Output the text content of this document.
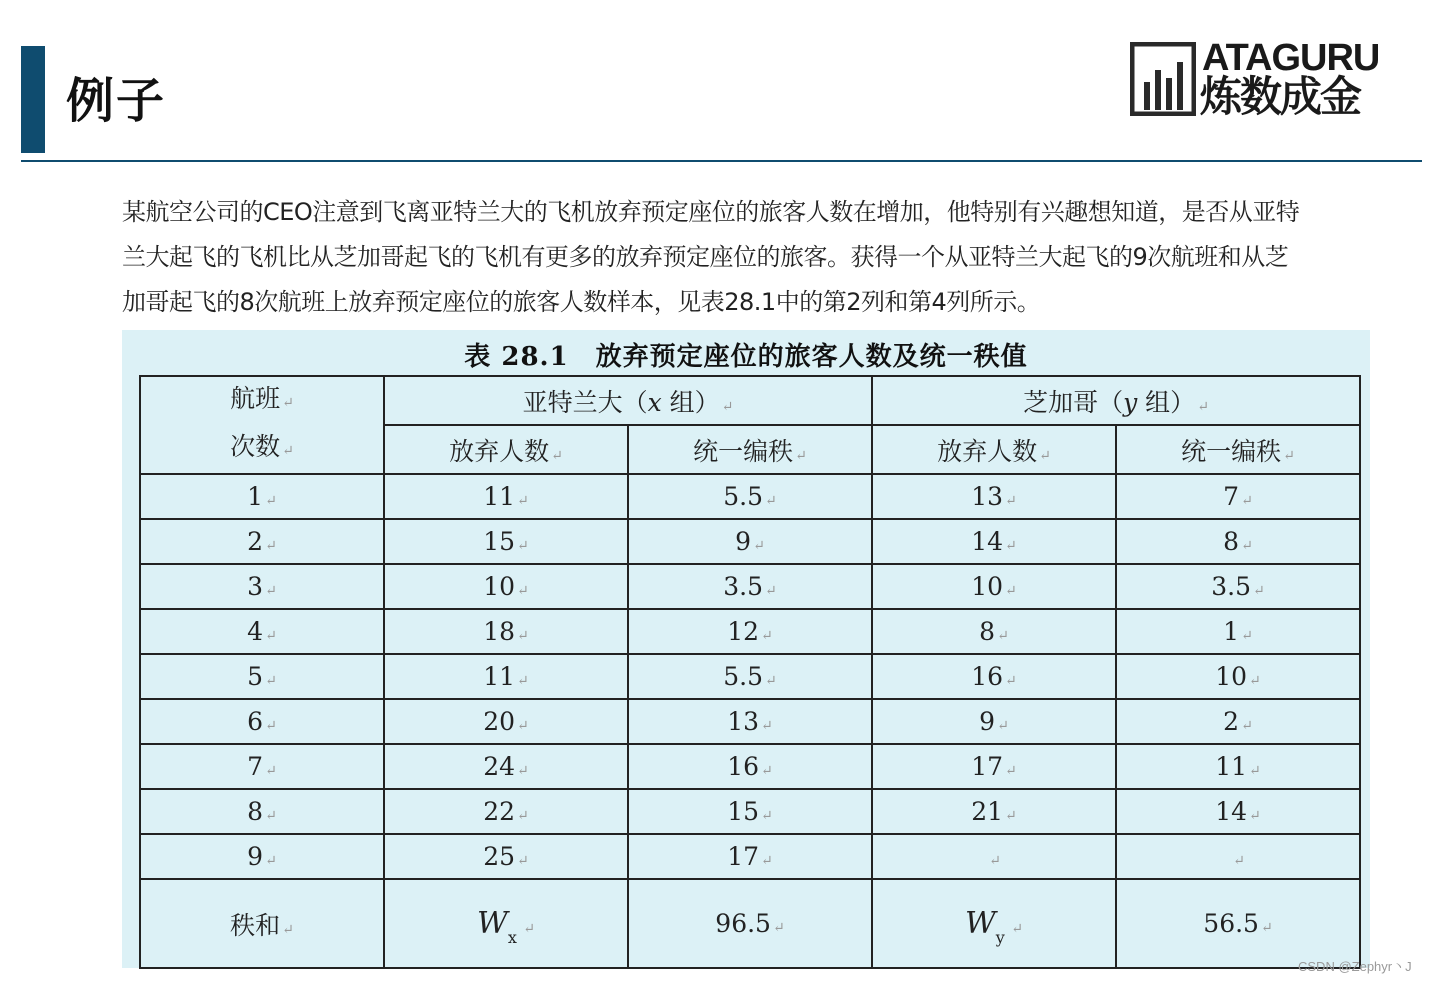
例子
ATAGURU
炼数成金

某航空公司的CEO注意到飞离亚特兰大的飞机放弃预定座位的旅客人数在增加，他特别有兴趣想知道，是否从亚特

兰大起飞的飞机比从芝加哥起飞的飞机有更多的放弃预定座位的旅客。获得一个从亚特兰大起飞的9次航班和从芝

加哥起飞的8次航班上放弃预定座位的旅客人数样本，见表28.1中的第2列和第4列所示。

表 28.1　放弃预定座位的旅客人数及统一秩值
航班 ↵
次数 ↵	亚特兰大（x 组） ↵		芝加哥（y 组） ↵	
	放弃人数 ↵	统一编秩 ↵	放弃人数 ↵	统一编秩 ↵
1 ↵	11 ↵	5.5 ↵	13 ↵	7 ↵
2 ↵	15 ↵	9 ↵	14 ↵	8 ↵
3 ↵	10 ↵	3.5 ↵	10 ↵	3.5 ↵
4 ↵	18 ↵	12 ↵	8 ↵	1 ↵
5 ↵	11 ↵	5.5 ↵	16 ↵	10 ↵
6 ↵	20 ↵	13 ↵	9 ↵	2 ↵
7 ↵	24 ↵	16 ↵	17 ↵	11 ↵
8 ↵	22 ↵	15 ↵	21 ↵	14 ↵
9 ↵	25 ↵	17 ↵	↵	↵
秩和 ↵	$W_x$ ↵	96.5 ↵	$W_y$ ↵	56.5 ↵
CSDN @Zephyr丶J
